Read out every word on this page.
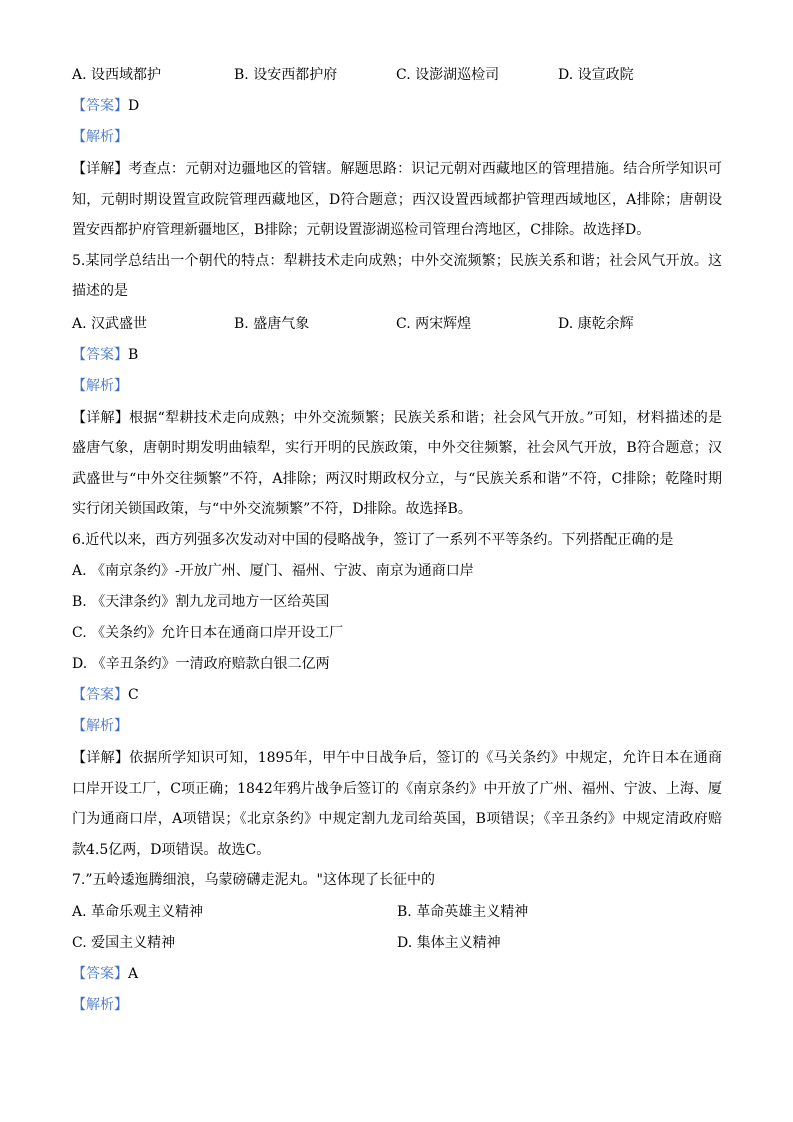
A. 设西域都护	B. 设安西都护府	C. 设澎湖巡检司	D. 设宣政院
【答案】D
【解析】

【详解】考查点：元朝对边疆地区的管辖。解题思路：识记元朝对西藏地区的管理措施。结合所学知识可知，元朝时期设置宣政院管理西藏地区，D符合题意；西汉设置西域都护管理西域地区，A排除；唐朝设置安西都护府管理新疆地区，B排除；元朝设置澎湖巡检司管理台湾地区，C排除。故选择D。

5.某同学总结出一个朝代的特点：犁耕技术走向成熟；中外交流频繁；民族关系和谐；社会风气开放。这描述的是

A. 汉武盛世	B. 盛唐气象	C. 两宋辉煌	D. 康乾余辉
【答案】B
【解析】

【详解】根据“犁耕技术走向成熟；中外交流频繁；民族关系和谐；社会风气开放。”可知，材料描述的是盛唐气象，唐朝时期发明曲辕犁，实行开明的民族政策，中外交往频繁，社会风气开放，B符合题意；汉武盛世与“中外交往频繁”不符，A排除；两汉时期政权分立，与“民族关系和谐”不符，C排除；乾隆时期实行闭关锁国政策，与“中外交流频繁”不符，D排除。故选择B。

6.近代以来，西方列强多次发动对中国的侵略战争，签订了一系列不平等条约。下列搭配正确的是

A. 《南京条约》-开放广州、厦门、福州、宁波、南京为通商口岸
B. 《天津条约》割九龙司地方一区给英国
C. 《关条约》允许日本在通商口岸开设工厂
D. 《辛丑条约》一清政府赔款白银二亿两
【答案】C
【解析】

【详解】依据所学知识可知，1895年，甲午中日战争后，签订的《马关条约》中规定，允许日本在通商口岸开设工厂，C项正确；1842年鸦片战争后签订的《南京条约》中开放了广州、福州、宁波、上海、厦门为通商口岸，A项错误；《北京条约》中规定割九龙司给英国，B项错误；《辛丑条约》中规定清政府赔款4.5亿两，D项错误。故选C。

7.”五岭逶迤腾细浪，乌蒙磅礴走泥丸。"这体现了长征中的

A. 革命乐观主义精神	B. 革命英雄主义精神
C. 爱国主义精神	D. 集体主义精神
【答案】A
【解析】
